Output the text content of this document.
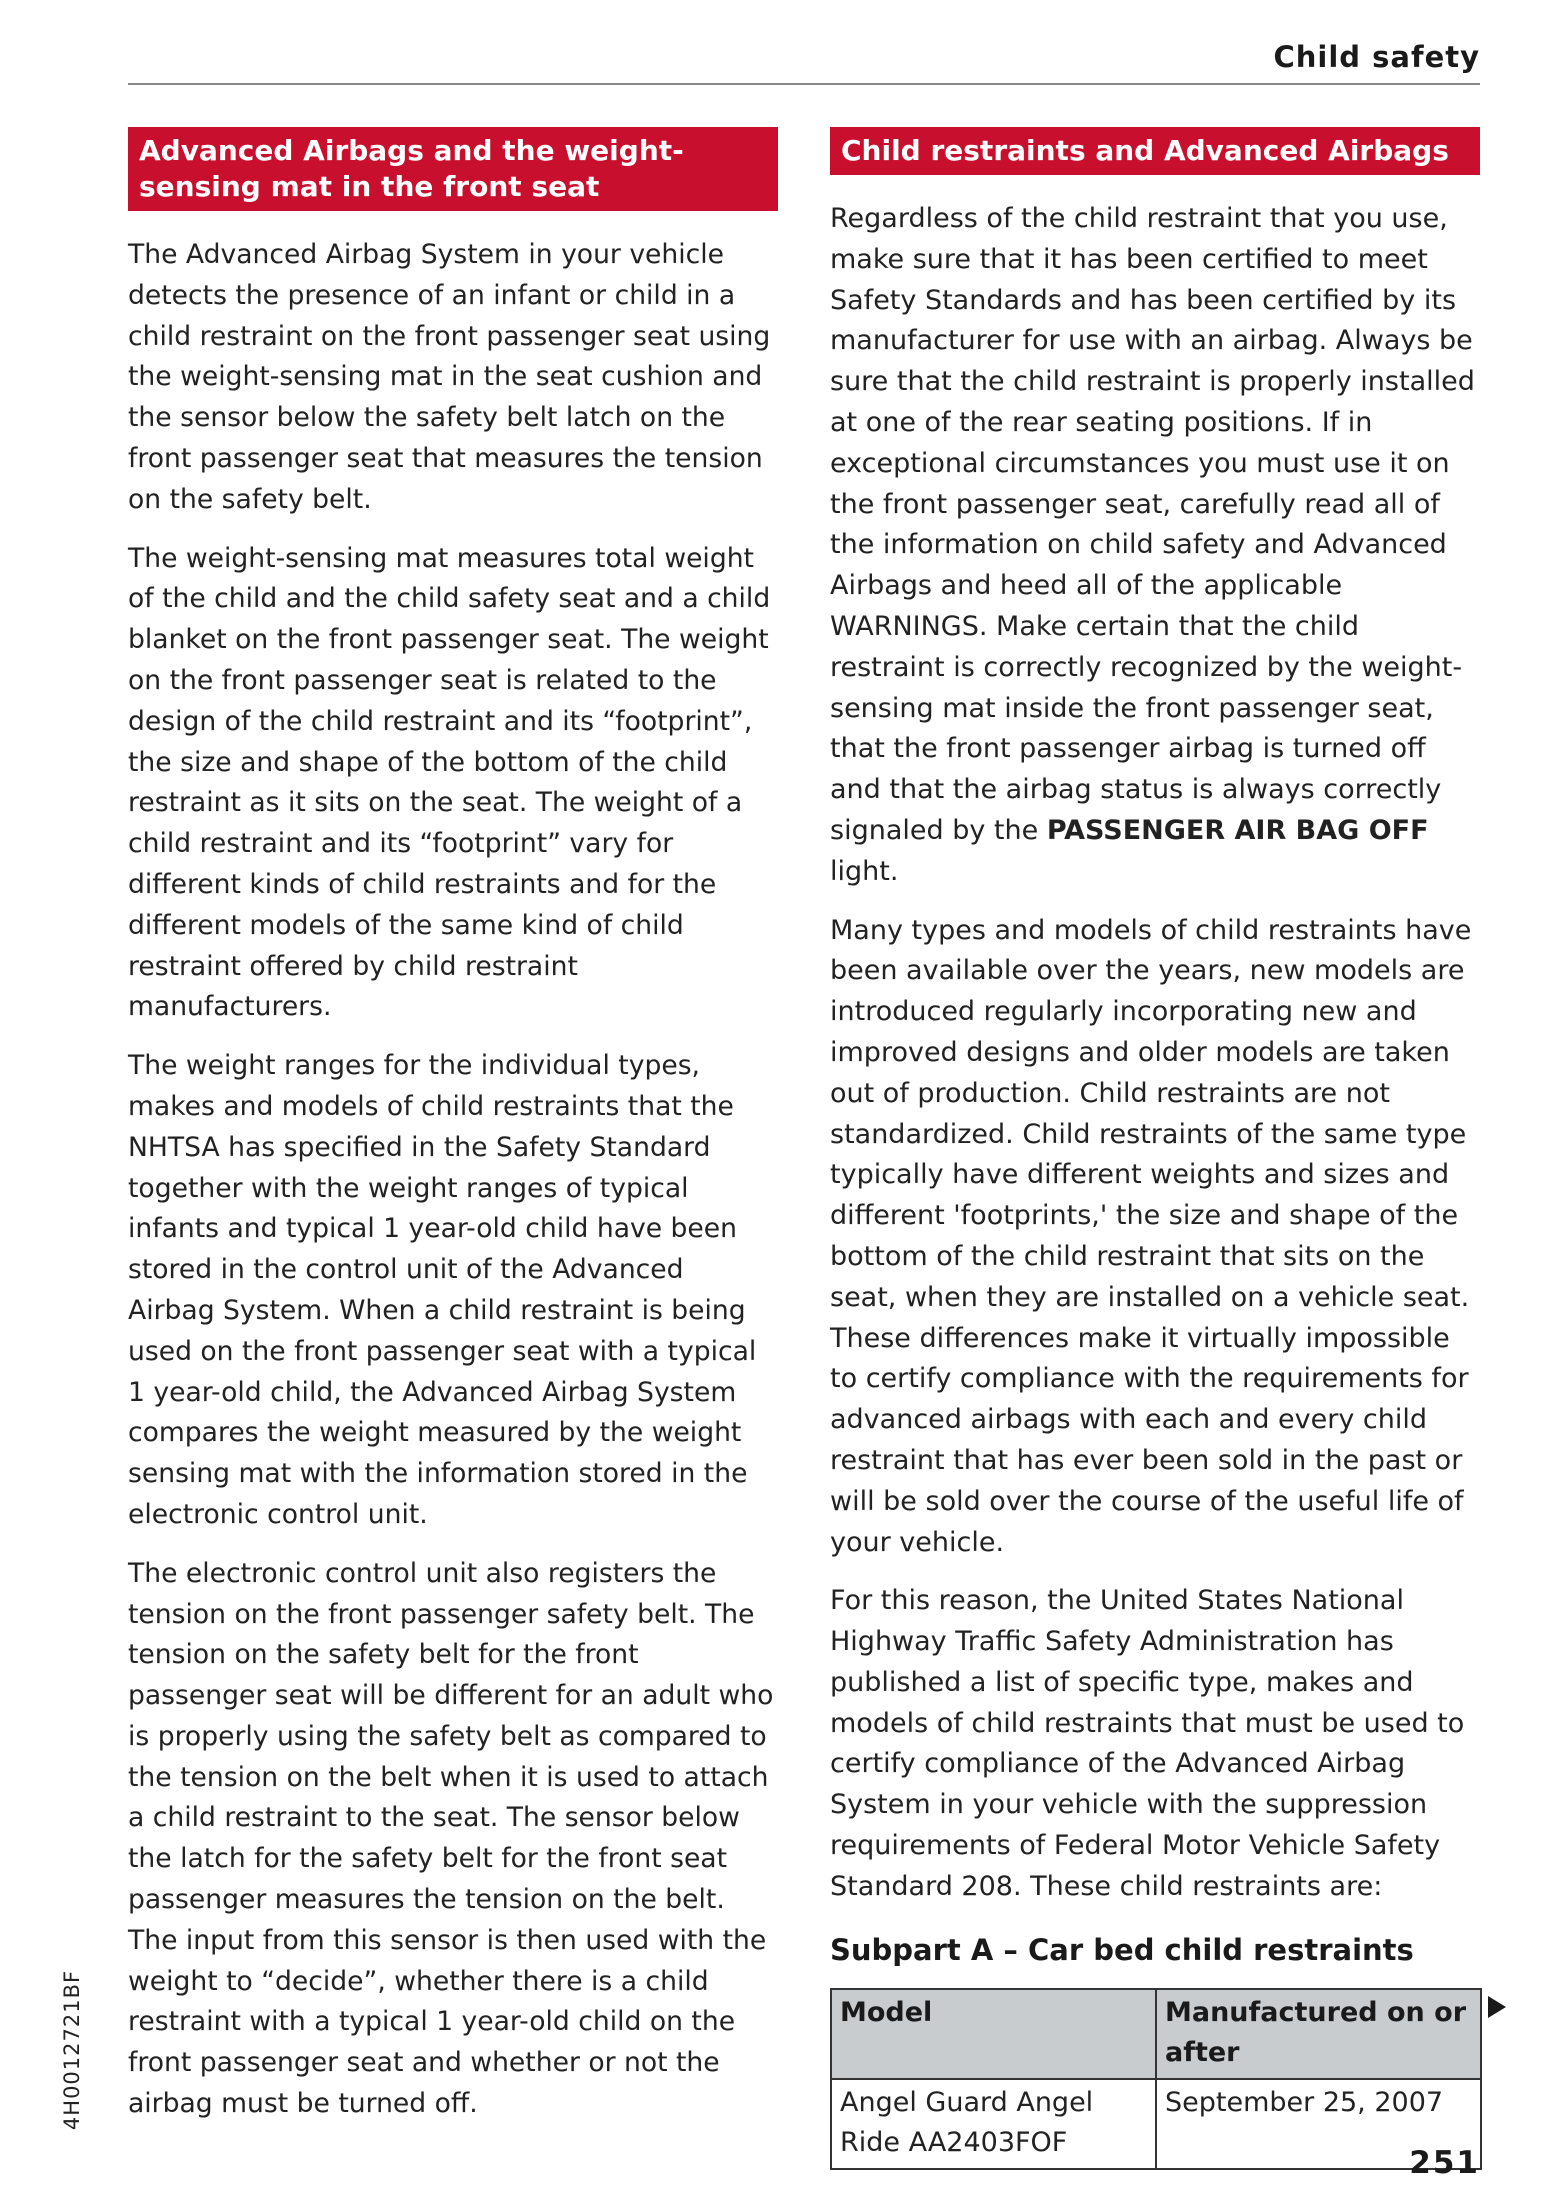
Child safety
Advanced Airbags and the weight-sensing mat in the front seat

The Advanced Airbag System in your vehicle detects the presence of an infant or child in a child restraint on the front passenger seat using the weight-sensing mat in the seat cushion and the sensor below the safety belt latch on the front passenger seat that measures the tension on the safety belt.

The weight-sensing mat measures total weight of the child and the child safety seat and a child blanket on the front passenger seat. The weight on the front passenger seat is related to the design of the child restraint and its “footprint”, the size and shape of the bottom of the child restraint as it sits on the seat. The weight of a child restraint and its “footprint” vary for different kinds of child restraints and for the different models of the same kind of child restraint offered by child restraint manufacturers.

The weight ranges for the individual types, makes and models of child restraints that the NHTSA has specified in the Safety Standard together with the weight ranges of typical infants and typical 1 year-old child have been stored in the control unit of the Advanced Airbag System. When a child restraint is being used on the front passenger seat with a typical 1 year-old child, the Advanced Airbag System compares the weight measured by the weight sensing mat with the information stored in the electronic control unit.

The electronic control unit also registers the tension on the front passenger safety belt. The tension on the safety belt for the front passenger seat will be different for an adult who is properly using the safety belt as compared to the tension on the belt when it is used to attach a child restraint to the seat. The sensor below the latch for the safety belt for the front seat passenger measures the tension on the belt. The input from this sensor is then used with the weight to “decide”, whether there is a child restraint with a typical 1 year-old child on the front passenger seat and whether or not the airbag must be turned off.

Child restraints and Advanced Airbags

Regardless of the child restraint that you use, make sure that it has been certified to meet Safety Standards and has been certified by its manufacturer for use with an airbag. Always be sure that the child restraint is properly installed at one of the rear seating positions. If in exceptional circumstances you must use it on the front passenger seat, carefully read all of the information on child safety and Advanced Airbags and heed all of the applicable WARNINGS. Make certain that the child restraint is correctly recognized by the weight-sensing mat inside the front passenger seat, that the front passenger airbag is turned off and that the airbag status is always correctly signaled by the PASSENGER AIR BAG OFF light.

Many types and models of child restraints have been available over the years, new models are introduced regularly incorporating new and improved designs and older models are taken out of production. Child restraints are not standardized. Child restraints of the same type typically have different weights and sizes and different 'footprints,' the size and shape of the bottom of the child restraint that sits on the seat, when they are installed on a vehicle seat. These differences make it virtually impossible to certify compliance with the requirements for advanced airbags with each and every child restraint that has ever been sold in the past or will be sold over the course of the useful life of your vehicle.

For this reason, the United States National Highway Traffic Safety Administration has published a list of specific type, makes and models of child restraints that must be used to certify compliance of the Advanced Airbag System in your vehicle with the suppression requirements of Federal Motor Vehicle Safety Standard 208. These child restraints are:

Subpart A – Car bed child restraints
Model	Manufactured on or after
Angel Guard Angel Ride AA2403FOF	September 25, 2007
4H0012721BF
251
